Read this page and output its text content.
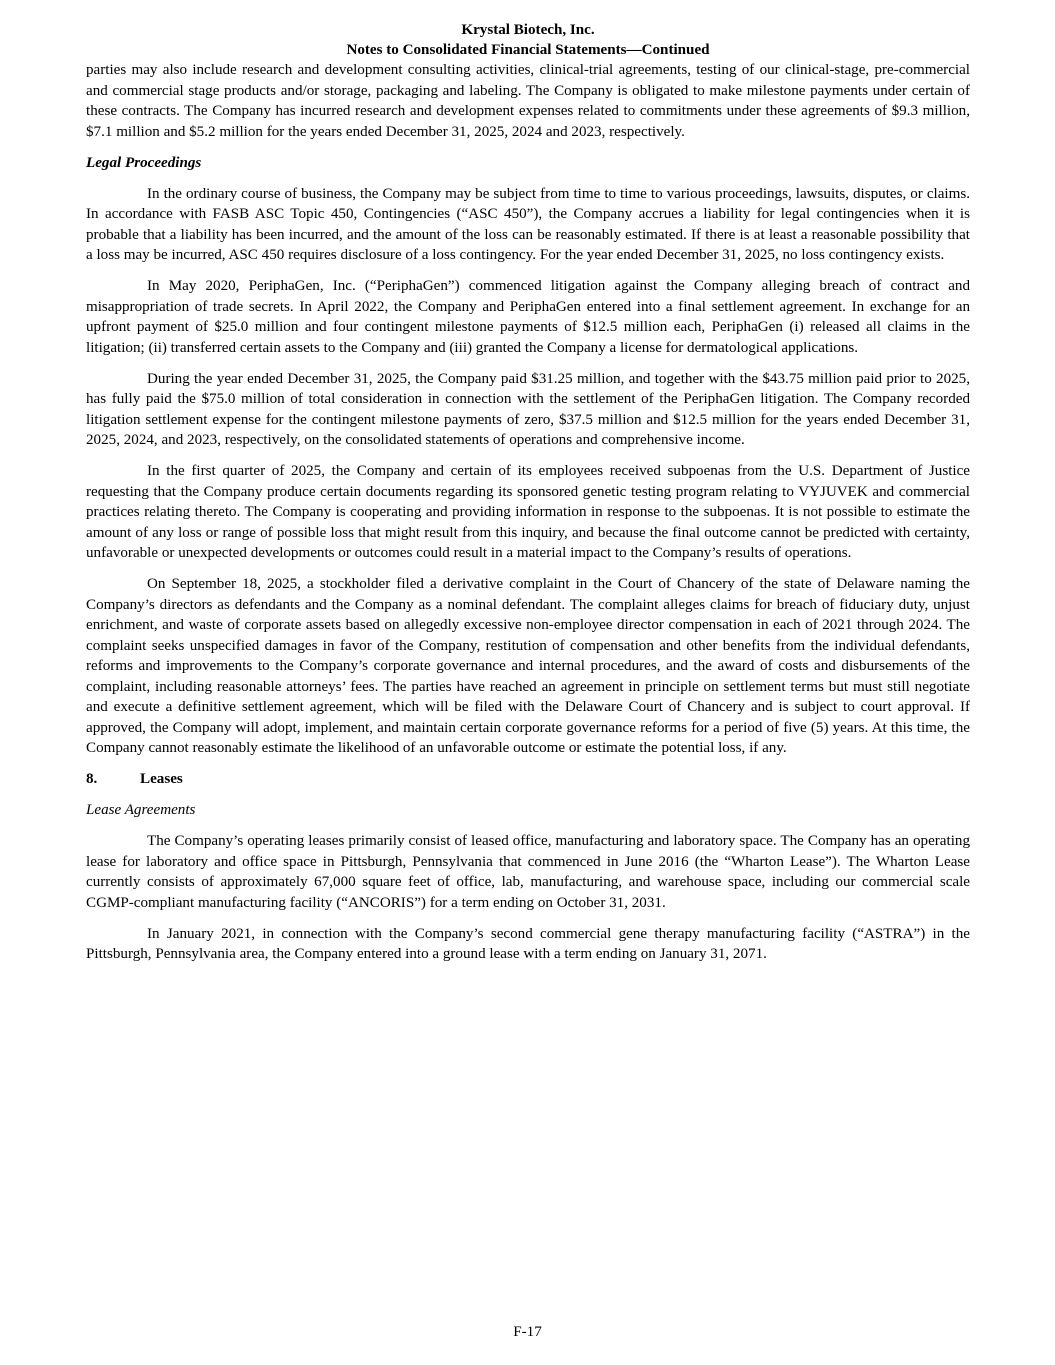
Krystal Biotech, Inc.
Notes to Consolidated Financial Statements—Continued

parties may also include research and development consulting activities, clinical-trial agreements, testing of our clinical-stage, pre-commercial and commercial stage products and/or storage, packaging and labeling. The Company is obligated to make milestone payments under certain of these contracts. The Company has incurred research and development expenses related to commitments under these agreements of $9.3 million, $7.1 million and $5.2 million for the years ended December 31, 2025, 2024 and 2023, respectively.

Legal Proceedings

In the ordinary course of business, the Company may be subject from time to time to various proceedings, lawsuits, disputes, or claims. In accordance with FASB ASC Topic 450, Contingencies (“ASC 450”), the Company accrues a liability for legal contingencies when it is probable that a liability has been incurred, and the amount of the loss can be reasonably estimated. If there is at least a reasonable possibility that a loss may be incurred, ASC 450 requires disclosure of a loss contingency. For the year ended December 31, 2025, no loss contingency exists.

In May 2020, PeriphaGen, Inc. (“PeriphaGen”) commenced litigation against the Company alleging breach of contract and misappropriation of trade secrets. In April 2022, the Company and PeriphaGen entered into a final settlement agreement. In exchange for an upfront payment of $25.0 million and four contingent milestone payments of $12.5 million each, PeriphaGen (i) released all claims in the litigation; (ii) transferred certain assets to the Company and (iii) granted the Company a license for dermatological applications.

During the year ended December 31, 2025, the Company paid $31.25 million, and together with the $43.75 million paid prior to 2025, has fully paid the $75.0 million of total consideration in connection with the settlement of the PeriphaGen litigation. The Company recorded litigation settlement expense for the contingent milestone payments of zero, $37.5 million and $12.5 million for the years ended December 31, 2025, 2024, and 2023, respectively, on the consolidated statements of operations and comprehensive income.

In the first quarter of 2025, the Company and certain of its employees received subpoenas from the U.S. Department of Justice requesting that the Company produce certain documents regarding its sponsored genetic testing program relating to VYJUVEK and commercial practices relating thereto. The Company is cooperating and providing information in response to the subpoenas. It is not possible to estimate the amount of any loss or range of possible loss that might result from this inquiry, and because the final outcome cannot be predicted with certainty, unfavorable or unexpected developments or outcomes could result in a material impact to the Company’s results of operations.

On September 18, 2025, a stockholder filed a derivative complaint in the Court of Chancery of the state of Delaware naming the Company’s directors as defendants and the Company as a nominal defendant. The complaint alleges claims for breach of fiduciary duty, unjust enrichment, and waste of corporate assets based on allegedly excessive non-employee director compensation in each of 2021 through 2024. The complaint seeks unspecified damages in favor of the Company, restitution of compensation and other benefits from the individual defendants, reforms and improvements to the Company’s corporate governance and internal procedures, and the award of costs and disbursements of the complaint, including reasonable attorneys’ fees. The parties have reached an agreement in principle on settlement terms but must still negotiate and execute a definitive settlement agreement, which will be filed with the Delaware Court of Chancery and is subject to court approval. If approved, the Company will adopt, implement, and maintain certain corporate governance reforms for a period of five (5) years. At this time, the Company cannot reasonably estimate the likelihood of an unfavorable outcome or estimate the potential loss, if any.

8.	Leases
Lease Agreements

The Company’s operating leases primarily consist of leased office, manufacturing and laboratory space. The Company has an operating lease for laboratory and office space in Pittsburgh, Pennsylvania that commenced in June 2016 (the “Wharton Lease”). The Wharton Lease currently consists of approximately 67,000 square feet of office, lab, manufacturing, and warehouse space, including our commercial scale CGMP-compliant manufacturing facility (“ANCORIS”) for a term ending on October 31, 2031.

In January 2021, in connection with the Company’s second commercial gene therapy manufacturing facility (“ASTRA”) in the Pittsburgh, Pennsylvania area, the Company entered into a ground lease with a term ending on January 31, 2071.

F-17
